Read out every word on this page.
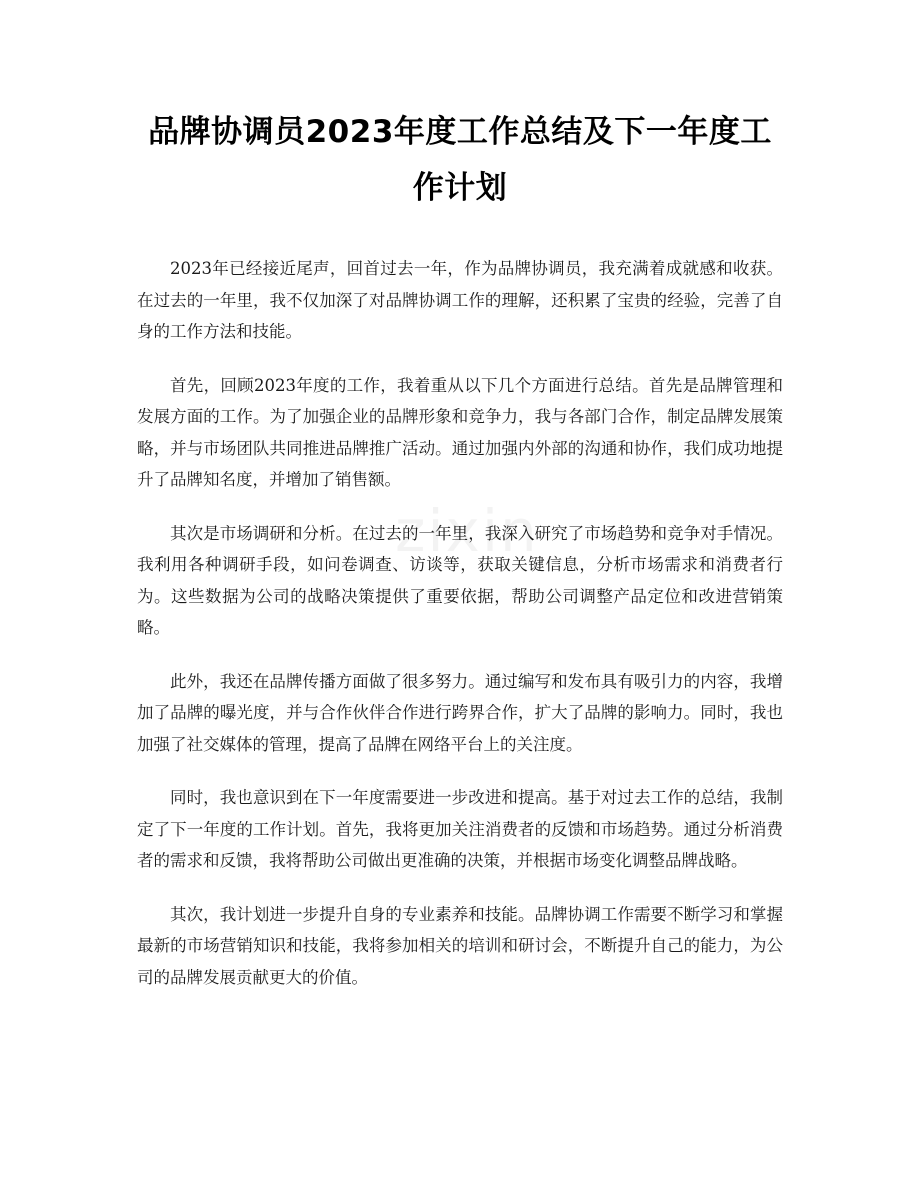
品牌协调员2023年度工作总结及下一年度工作计划

2023年已经接近尾声，回首过去一年，作为品牌协调员，我充满着成就感和收获。在过去的一年里，我不仅加深了对品牌协调工作的理解，还积累了宝贵的经验，完善了自身的工作方法和技能。

首先，回顾2023年度的工作，我着重从以下几个方面进行总结。首先是品牌管理和发展方面的工作。为了加强企业的品牌形象和竞争力，我与各部门合作，制定品牌发展策略，并与市场团队共同推进品牌推广活动。通过加强内外部的沟通和协作，我们成功地提升了品牌知名度，并增加了销售额。

其次是市场调研和分析。在过去的一年里，我深入研究了市场趋势和竞争对手情况。我利用各种调研手段，如问卷调查、访谈等，获取关键信息，分析市场需求和消费者行为。这些数据为公司的战略决策提供了重要依据，帮助公司调整产品定位和改进营销策略。

此外，我还在品牌传播方面做了很多努力。通过编写和发布具有吸引力的内容，我增加了品牌的曝光度，并与合作伙伴合作进行跨界合作，扩大了品牌的影响力。同时，我也加强了社交媒体的管理，提高了品牌在网络平台上的关注度。

同时，我也意识到在下一年度需要进一步改进和提高。基于对过去工作的总结，我制定了下一年度的工作计划。首先，我将更加关注消费者的反馈和市场趋势。通过分析消费者的需求和反馈，我将帮助公司做出更准确的决策，并根据市场变化调整品牌战略。

其次，我计划进一步提升自身的专业素养和技能。品牌协调工作需要不断学习和掌握最新的市场营销知识和技能，我将参加相关的培训和研讨会，不断提升自己的能力，为公司的品牌发展贡献更大的价值。
